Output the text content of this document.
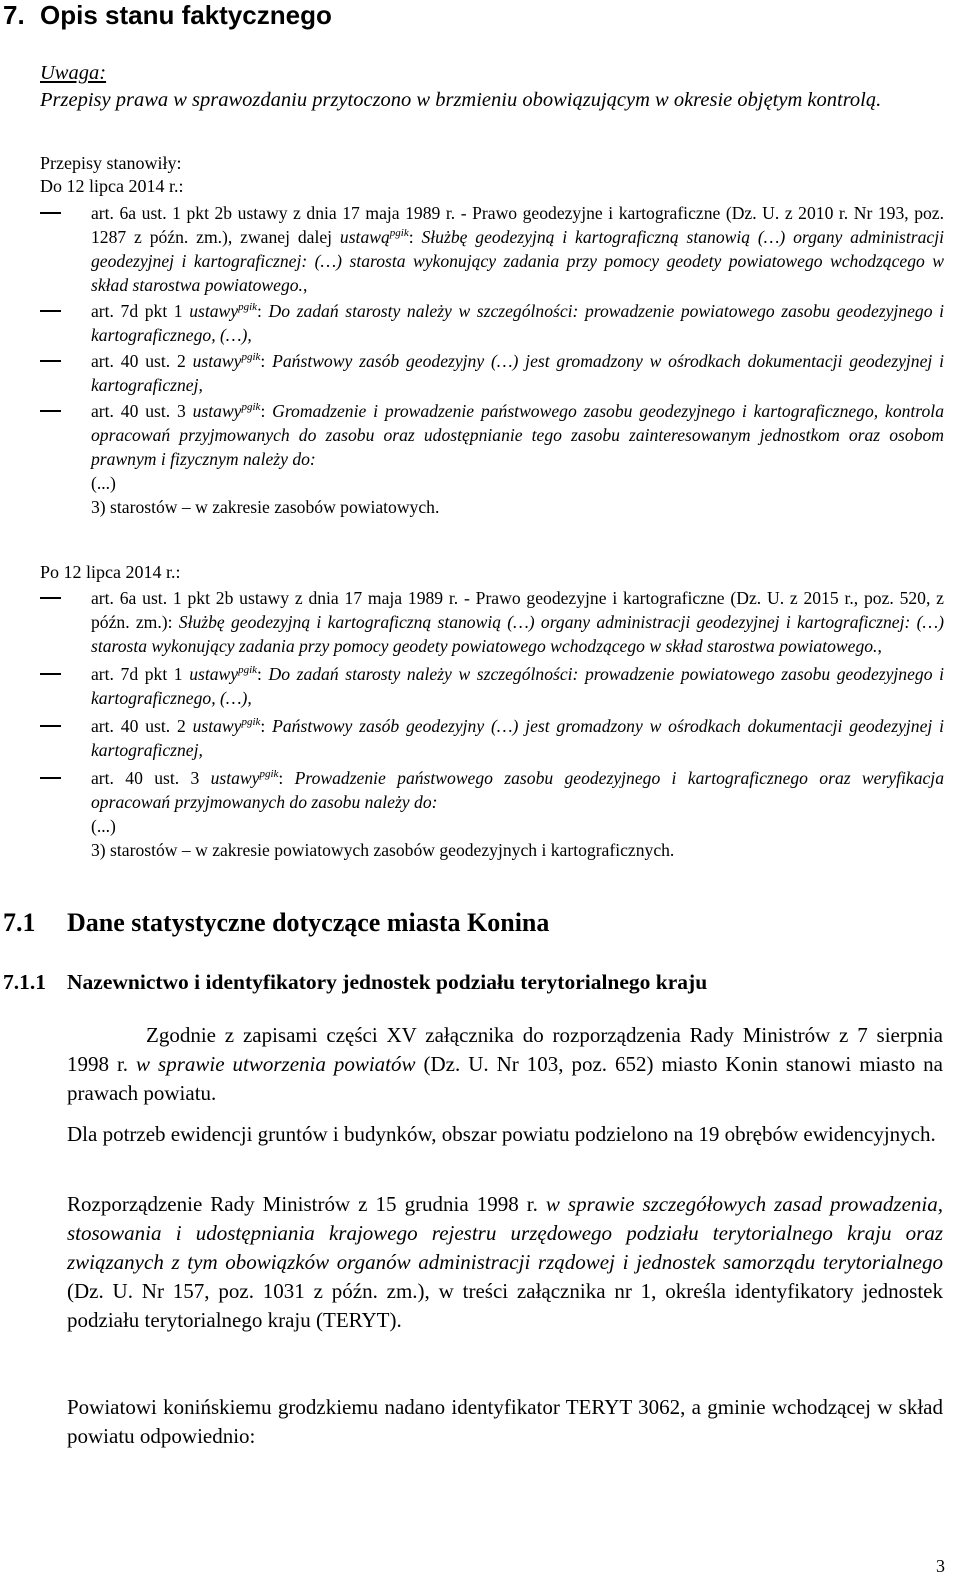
7. Opis stanu faktycznego
Uwaga:
Przepisy prawa w sprawozdaniu przytoczono w brzmieniu obowiązującym w okresie objętym kontrolą.
Przepisy stanowiły:
Do 12 lipca 2014 r.:
art. 6a ust. 1 pkt 2b ustawy z dnia 17 maja 1989 r. - Prawo geodezyjne i kartograficzne (Dz. U. z 2010 r. Nr 193, poz. 1287 z późn. zm.), zwanej dalej ustawą$^{pgik}$: Służbę geodezyjną i kartograficzną stanowią (…) organy administracji geodezyjnej i kartograficznej: (…) starosta wykonujący zadania przy pomocy geodety powiatowego wchodzącego w skład starostwa powiatowego.,
art. 7d pkt 1 ustawy$^{pgik}$: Do zadań starosty należy w szczególności: prowadzenie powiatowego zasobu geodezyjnego i kartograficznego, (…),
art. 40 ust. 2 ustawy$^{pgik}$: Państwowy zasób geodezyjny (…) jest gromadzony w ośrodkach dokumentacji geodezyjnej i kartograficznej,
art. 40 ust. 3 ustawy$^{pgik}$: Gromadzenie i prowadzenie państwowego zasobu geodezyjnego i kartograficznego, kontrola opracowań przyjmowanych do zasobu oraz udostępnianie tego zasobu zainteresowanym jednostkom oraz osobom prawnym i fizycznym należy do:
(...)
3) starostów – w zakresie zasobów powiatowych.
Po 12 lipca 2014 r.:
art. 6a ust. 1 pkt 2b ustawy z dnia 17 maja 1989 r. - Prawo geodezyjne i kartograficzne (Dz. U. z 2015 r., poz. 520, z późn. zm.): Służbę geodezyjną i kartograficzną stanowią (…) organy administracji geodezyjnej i kartograficznej: (…) starosta wykonujący zadania przy pomocy geodety powiatowego wchodzącego w skład starostwa powiatowego.,
art. 7d pkt 1 ustawy$^{pgik}$: Do zadań starosty należy w szczególności: prowadzenie powiatowego zasobu geodezyjnego i kartograficznego, (…),
art. 40 ust. 2 ustawy$^{pgik}$: Państwowy zasób geodezyjny (…) jest gromadzony w ośrodkach dokumentacji geodezyjnej i kartograficznej,
art. 40 ust. 3 ustawy$^{pgik}$: Prowadzenie państwowego zasobu geodezyjnego i kartograficznego oraz weryfikacja opracowań przyjmowanych do zasobu należy do:
(...)
3) starostów – w zakresie powiatowych zasobów geodezyjnych i kartograficznych.
7.1 Dane statystyczne dotyczące miasta Konina
7.1.1 Nazewnictwo i identyfikatory jednostek podziału terytorialnego kraju
Zgodnie z zapisami części XV załącznika do rozporządzenia Rady Ministrów z 7 sierpnia 1998 r. w sprawie utworzenia powiatów (Dz. U. Nr 103, poz. 652) miasto Konin stanowi miasto na prawach powiatu.
Dla potrzeb ewidencji gruntów i budynków, obszar powiatu podzielono na 19 obrębów ewidencyjnych.
Rozporządzenie Rady Ministrów z 15 grudnia 1998 r. w sprawie szczegółowych zasad prowadzenia, stosowania i udostępniania krajowego rejestru urzędowego podziału terytorialnego kraju oraz związanych z tym obowiązków organów administracji rządowej i jednostek samorządu terytorialnego (Dz. U. Nr 157, poz. 1031 z późn. zm.), w treści załącznika nr 1, określa identyfikatory jednostek podziału terytorialnego kraju (TERYT).
Powiatowi konińskiemu grodzkiemu nadano identyfikator TERYT 3062, a gminie wchodzącej w skład powiatu odpowiednio:
3
